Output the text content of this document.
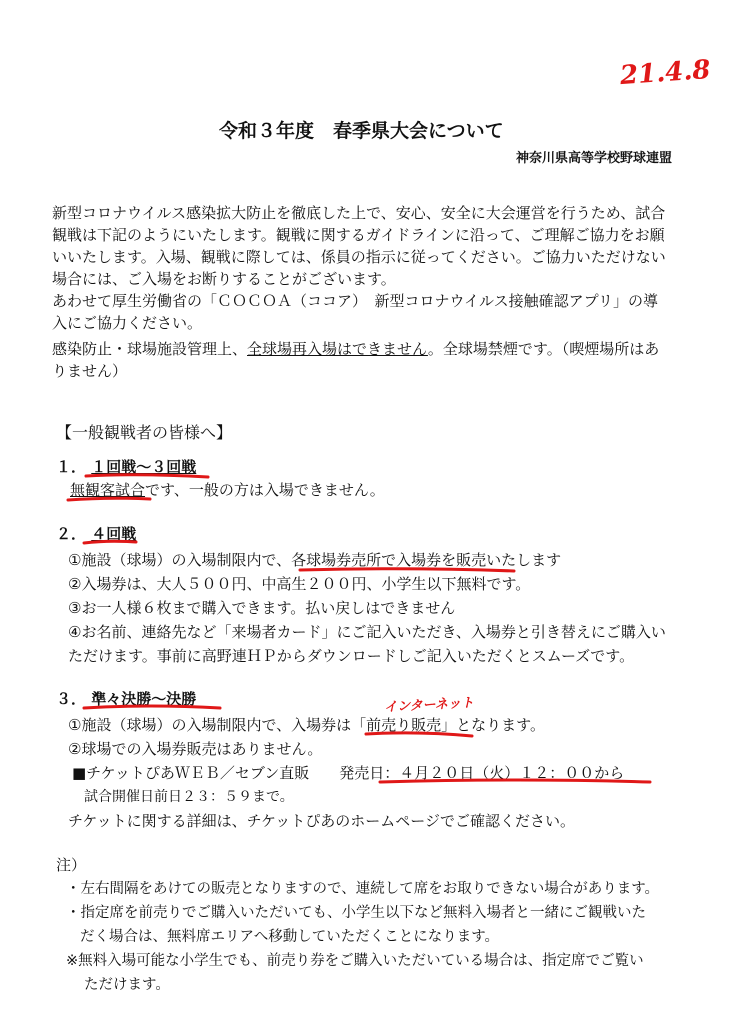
21.4.8
令和３年度　春季県大会について
神奈川県高等学校野球連盟
新型コロナウイルス感染拡大防止を徹底した上で、安心、安全に大会運営を行うため、試合
観戦は下記のようにいたします。観戦に関するガイドラインに沿って、ご理解ご協力をお願
いいたします。入場、観戦に際しては、係員の指示に従ってください。ご協力いただけない
場合には、ご入場をお断りすることがございます。
あわせて厚生労働省の「ＣＯＣＯＡ（ココア）　新型コロナウイルス接触確認アプリ」の導
入にご協力ください。
感染防止・球場施設管理上、全球場再入場はできません。全球場禁煙です。（喫煙場所はあ
りません）
【一般観戦者の皆様へ】
１． １回戦～３回戦
無観客試合です、一般の方は入場できません。
２． ４回戦
①施設（球場）の入場制限内で、各球場券売所で入場券を販売いたします
②入場券は、大人５００円、中高生２００円、小学生以下無料です。
③お一人様６枚まで購入できます。払い戻しはできません
④お名前、連絡先など「来場者カード」にご記入いただき、入場券と引き替えにご購入い
ただけます。事前に高野連ＨＰからダウンロードしご記入いただくとスムーズです。
３． 準々決勝～決勝	インターネット
①施設（球場）の入場制限内で、入場券は「前売り販売」となります。
②球場での入場券販売はありません。
■チケットぴあＷＥＢ／セブン直販　　発売日：４月２０日（火）１２：００から
試合開催日前日２３：５９まで。
チケットに関する詳細は、チケットぴあのホームページでご確認ください。
注）
・左右間隔をあけての販売となりますので、連続して席をお取りできない場合があります。
・指定席を前売りでご購入いただいても、小学生以下など無料入場者と一緒にご観戦いた
だく場合は、無料席エリアへ移動していただくことになります。
※無料入場可能な小学生でも、前売り券をご購入いただいている場合は、指定席でご覧い
ただけます。
